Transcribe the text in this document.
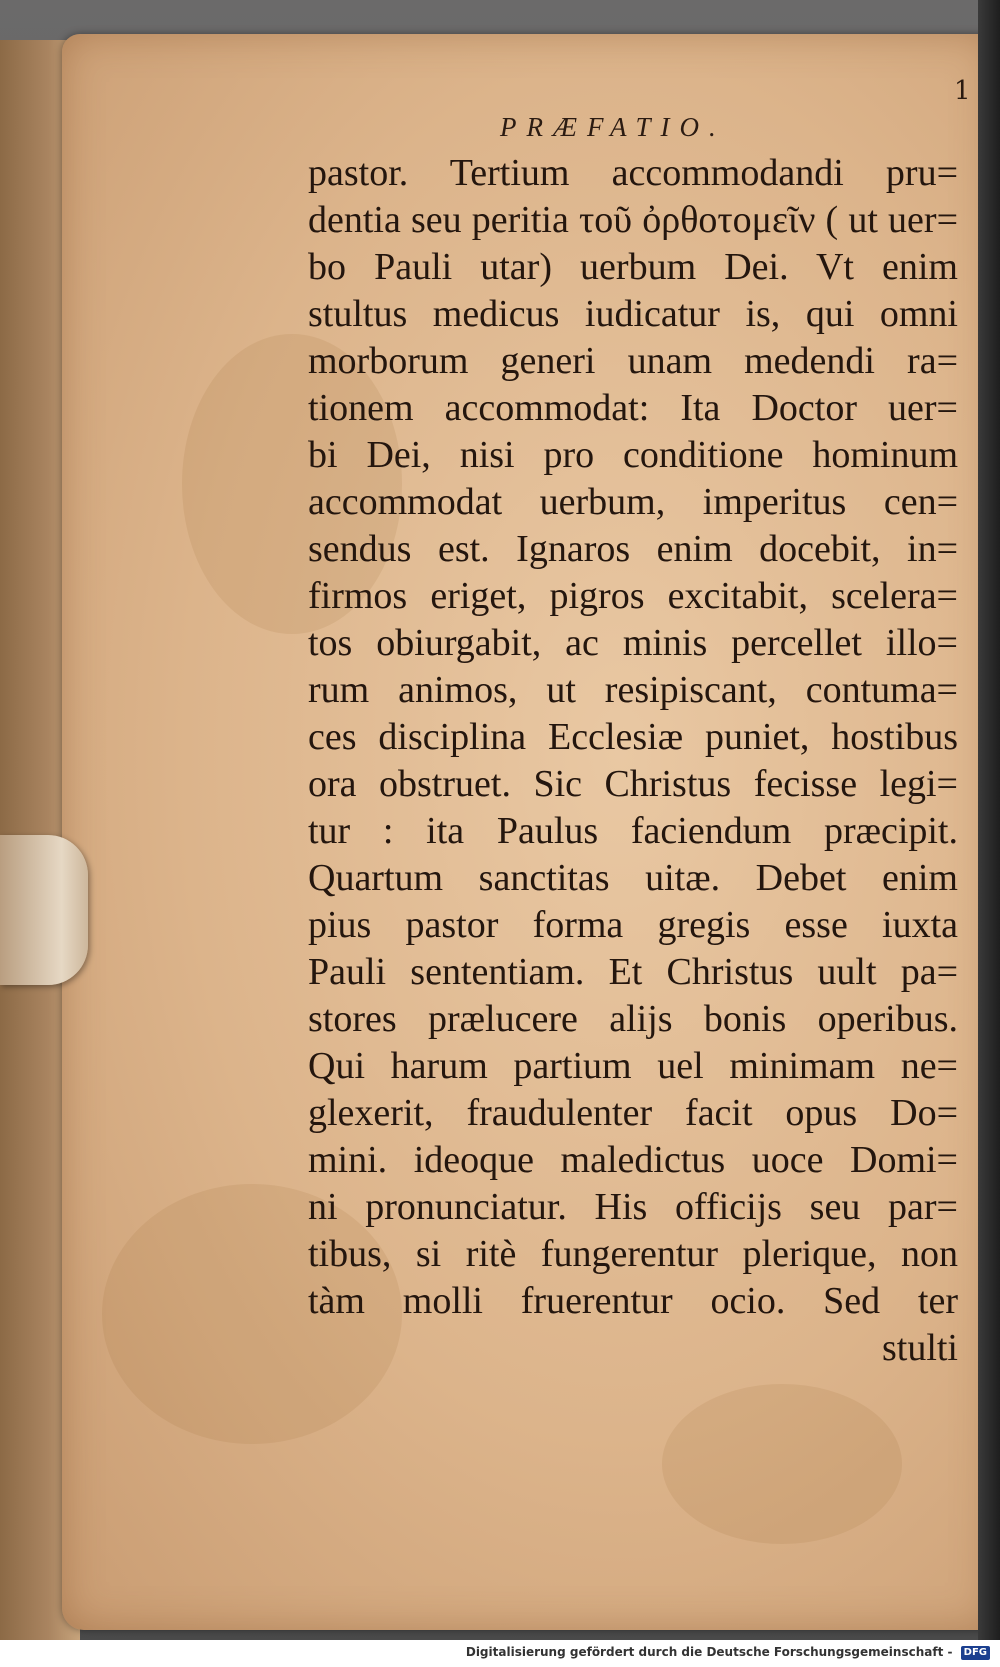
1
PRÆFATIO.
pastor. Tertium accommodandi pru=
dentia seu peritia τοῦ ὀρθοτομεῖν ( ut uer=
bo Pauli utar) uerbum Dei. Vt enim
stultus medicus iudicatur is, qui omni
morborum generi unam medendi ra=
tionem accommodat: Ita Doctor uer=
bi Dei, nisi pro conditione hominum
accommodat uerbum, imperitus cen=
sendus est. Ignaros enim docebit, in=
firmos eriget, pigros excitabit, scelera=
tos obiurgabit, ac minis percellet illo=
rum animos, ut resipiscant, contuma=
ces disciplina Ecclesiæ puniet, hostibus
ora obstruet. Sic Christus fecisse legi=
tur : ita Paulus faciendum præcipit.
Quartum sanctitas uitæ. Debet enim
pius pastor forma gregis esse iuxta
Pauli sententiam. Et Christus uult pa=
stores prælucere alijs bonis operibus.
Qui harum partium uel minimam ne=
glexerit, fraudulenter facit opus Do=
mini. ideoque maledictus uoce Domi=
ni pronunciatur. His officijs seu par=
tibus, si ritè fungerentur plerique, non
tàm molli fruerentur ocio. Sed ter
stulti
Digitalisierung gefördert durch die Deutsche Forschungsgemeinschaft - DFG
